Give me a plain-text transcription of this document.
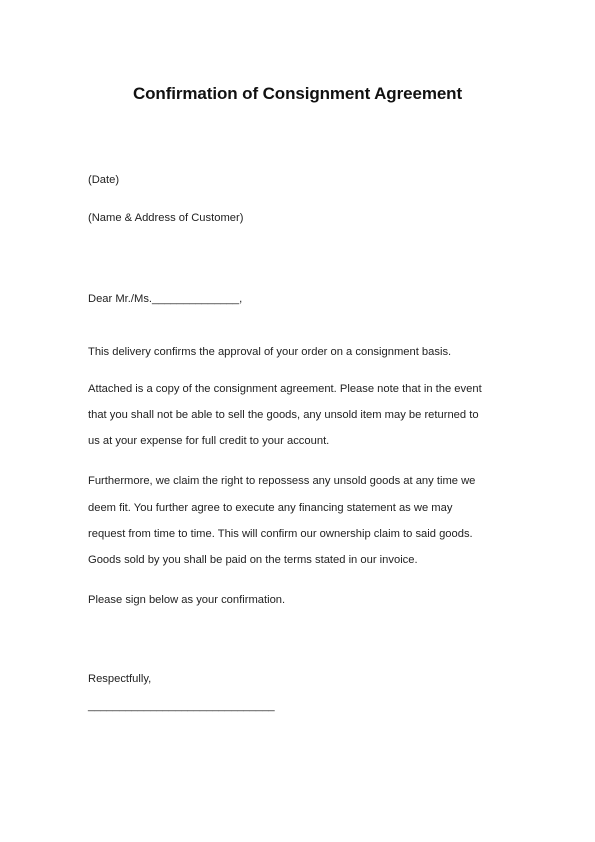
Confirmation of Consignment Agreement
(Date)
(Name & Address of Customer)
Dear Mr./Ms.______________,
This delivery confirms the approval of your order on a consignment basis.
Attached is a copy of the consignment agreement. Please note that in the event
that you shall not be able to sell the goods, any unsold item may be returned to
us at your expense for full credit to your account.
Furthermore, we claim the right to repossess any unsold goods at any time we
deem fit. You further agree to execute any financing statement as we may
request from time to time. This will confirm our ownership claim to said goods.
Goods sold by you shall be paid on the terms stated in our invoice.
Please sign below as your confirmation.
Respectfully,
______________________________
